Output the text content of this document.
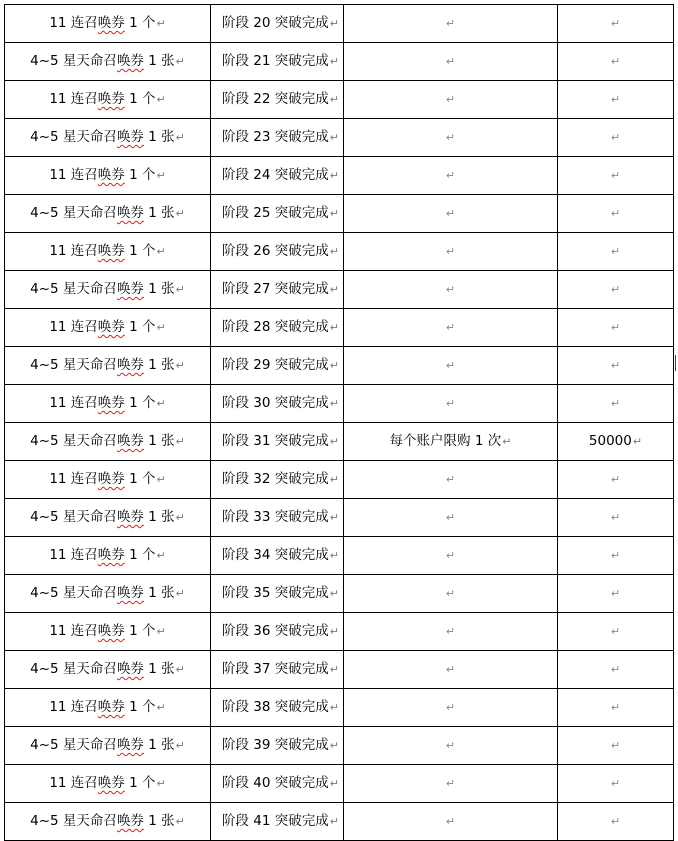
11 连召唤券 1 个↵	阶段 20 突破完成↵	↵	↵
4~5 星天命召唤券 1 张↵	阶段 21 突破完成↵	↵	↵
11 连召唤券 1 个↵	阶段 22 突破完成↵	↵	↵
4~5 星天命召唤券 1 张↵	阶段 23 突破完成↵	↵	↵
11 连召唤券 1 个↵	阶段 24 突破完成↵	↵	↵
4~5 星天命召唤券 1 张↵	阶段 25 突破完成↵	↵	↵
11 连召唤券 1 个↵	阶段 26 突破完成↵	↵	↵
4~5 星天命召唤券 1 张↵	阶段 27 突破完成↵	↵	↵
11 连召唤券 1 个↵	阶段 28 突破完成↵	↵	↵
4~5 星天命召唤券 1 张↵	阶段 29 突破完成↵	↵	↵
11 连召唤券 1 个↵	阶段 30 突破完成↵	↵	↵
4~5 星天命召唤券 1 张↵	阶段 31 突破完成↵	每个账户限购 1 次↵	50000↵
11 连召唤券 1 个↵	阶段 32 突破完成↵	↵	↵
4~5 星天命召唤券 1 张↵	阶段 33 突破完成↵	↵	↵
11 连召唤券 1 个↵	阶段 34 突破完成↵	↵	↵
4~5 星天命召唤券 1 张↵	阶段 35 突破完成↵	↵	↵
11 连召唤券 1 个↵	阶段 36 突破完成↵	↵	↵
4~5 星天命召唤券 1 张↵	阶段 37 突破完成↵	↵	↵
11 连召唤券 1 个↵	阶段 38 突破完成↵	↵	↵
4~5 星天命召唤券 1 张↵	阶段 39 突破完成↵	↵	↵
11 连召唤券 1 个↵	阶段 40 突破完成↵	↵	↵
4~5 星天命召唤券 1 张↵	阶段 41 突破完成↵	↵	↵
